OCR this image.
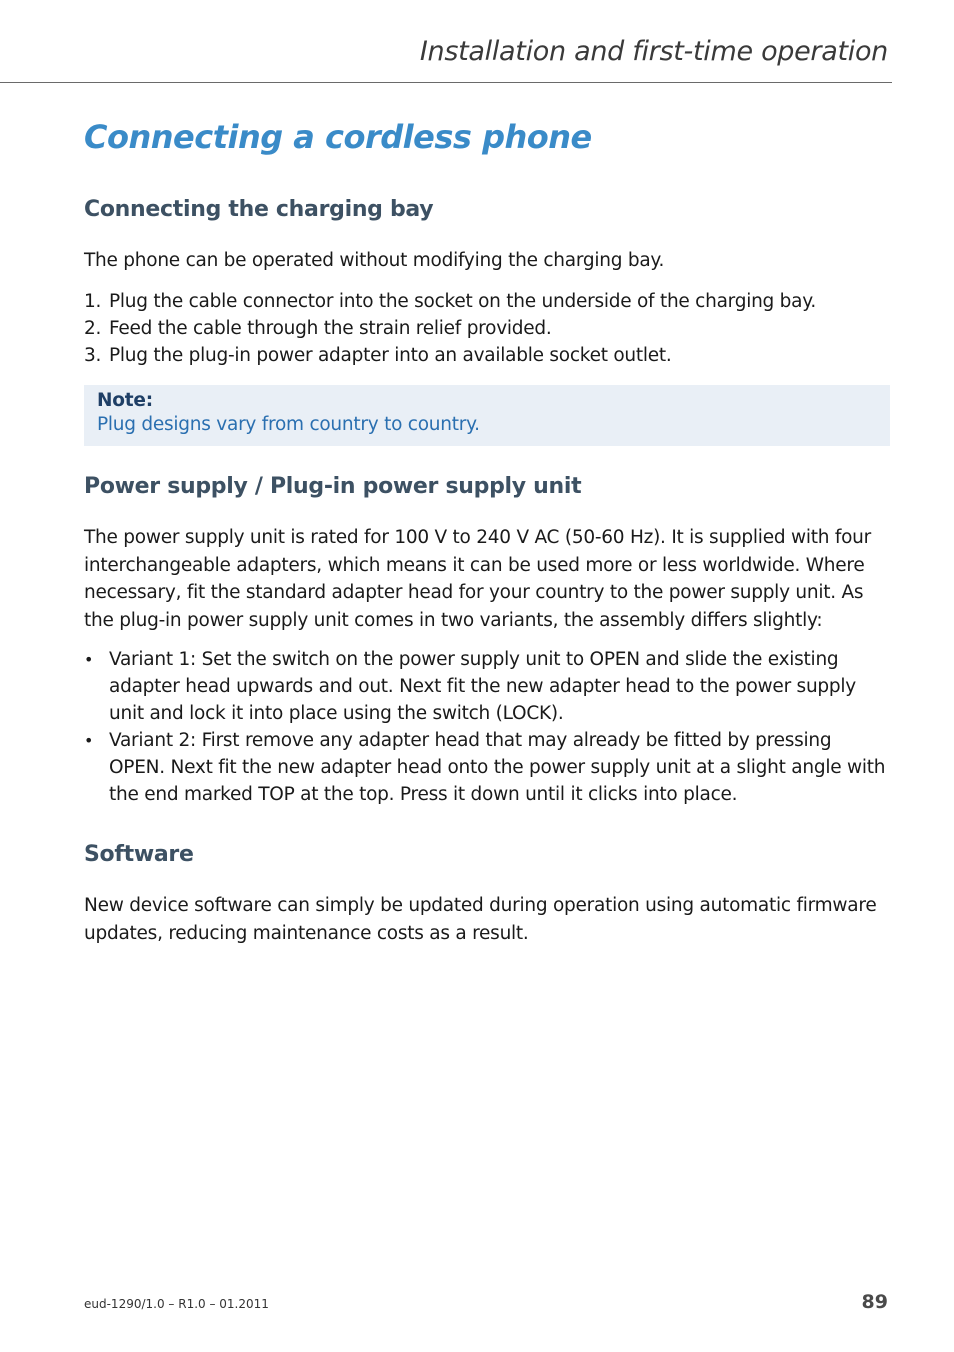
Installation and first-time operation
Connecting a cordless phone
Connecting the charging bay

The phone can be operated without modifying the charging bay.

1. Plug the cable connector into the socket on the underside of the charging bay.
2. Feed the cable through the strain relief provided.
3. Plug the plug-in power adapter into an available socket outlet.
Note:
Plug designs vary from country to country.
Power supply / Plug-in power supply unit

The power supply unit is rated for 100 V to 240 V AC (50-60 Hz). It is supplied with four interchangeable adapters, which means it can be used more or less worldwide. Where necessary, fit the standard adapter head for your country to the power supply unit. As the plug-in power supply unit comes in two variants, the assembly differs slightly:

• Variant 1: Set the switch on the power supply unit to OPEN and slide the existing adapter head upwards and out. Next fit the new adapter head to the power supply unit and lock it into place using the switch (LOCK).
• Variant 2: First remove any adapter head that may already be fitted by pressing OPEN. Next fit the new adapter head onto the power supply unit at a slight angle with the end marked TOP at the top. Press it down until it clicks into place.
Software

New device software can simply be updated during operation using automatic firmware updates, reducing maintenance costs as a result.

eud-1290/1.0 – R1.0 – 01.2011	89
